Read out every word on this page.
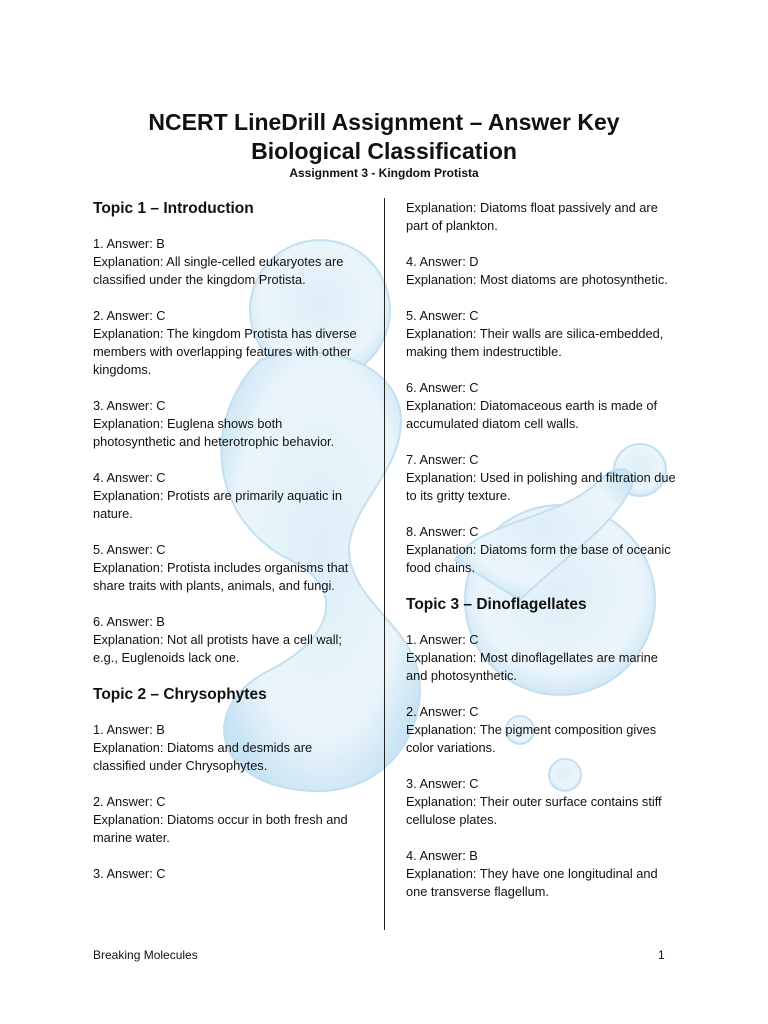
NCERT LineDrill Assignment – Answer Key
Biological Classification
Assignment 3 - Kingdom Protista
Topic 1 – Introduction
1. Answer: B
Explanation: All single-celled eukaryotes are classified under the kingdom Protista.
2. Answer: C
Explanation: The kingdom Protista has diverse members with overlapping features with other kingdoms.
3. Answer: C
Explanation: Euglena shows both photosynthetic and heterotrophic behavior.
4. Answer: C
Explanation: Protists are primarily aquatic in nature.
5. Answer: C
Explanation: Protista includes organisms that share traits with plants, animals, and fungi.
6. Answer: B
Explanation: Not all protists have a cell wall; e.g., Euglenoids lack one.
Topic 2 – Chrysophytes
1. Answer: B
Explanation: Diatoms and desmids are classified under Chrysophytes.
2. Answer: C
Explanation: Diatoms occur in both fresh and marine water.
3. Answer: C
Explanation: Diatoms float passively and are part of plankton.
4. Answer: D
Explanation: Most diatoms are photosynthetic.
5. Answer: C
Explanation: Their walls are silica-embedded, making them indestructible.
6. Answer: C
Explanation: Diatomaceous earth is made of accumulated diatom cell walls.
7. Answer: C
Explanation: Used in polishing and filtration due to its gritty texture.
8. Answer: C
Explanation: Diatoms form the base of oceanic food chains.
Topic 3 – Dinoflagellates
1. Answer: C
Explanation: Most dinoflagellates are marine and photosynthetic.
2. Answer: C
Explanation: The pigment composition gives color variations.
3. Answer: C
Explanation: Their outer surface contains stiff cellulose plates.
4. Answer: B
Explanation: They have one longitudinal and one transverse flagellum.
Breaking Molecules	1
